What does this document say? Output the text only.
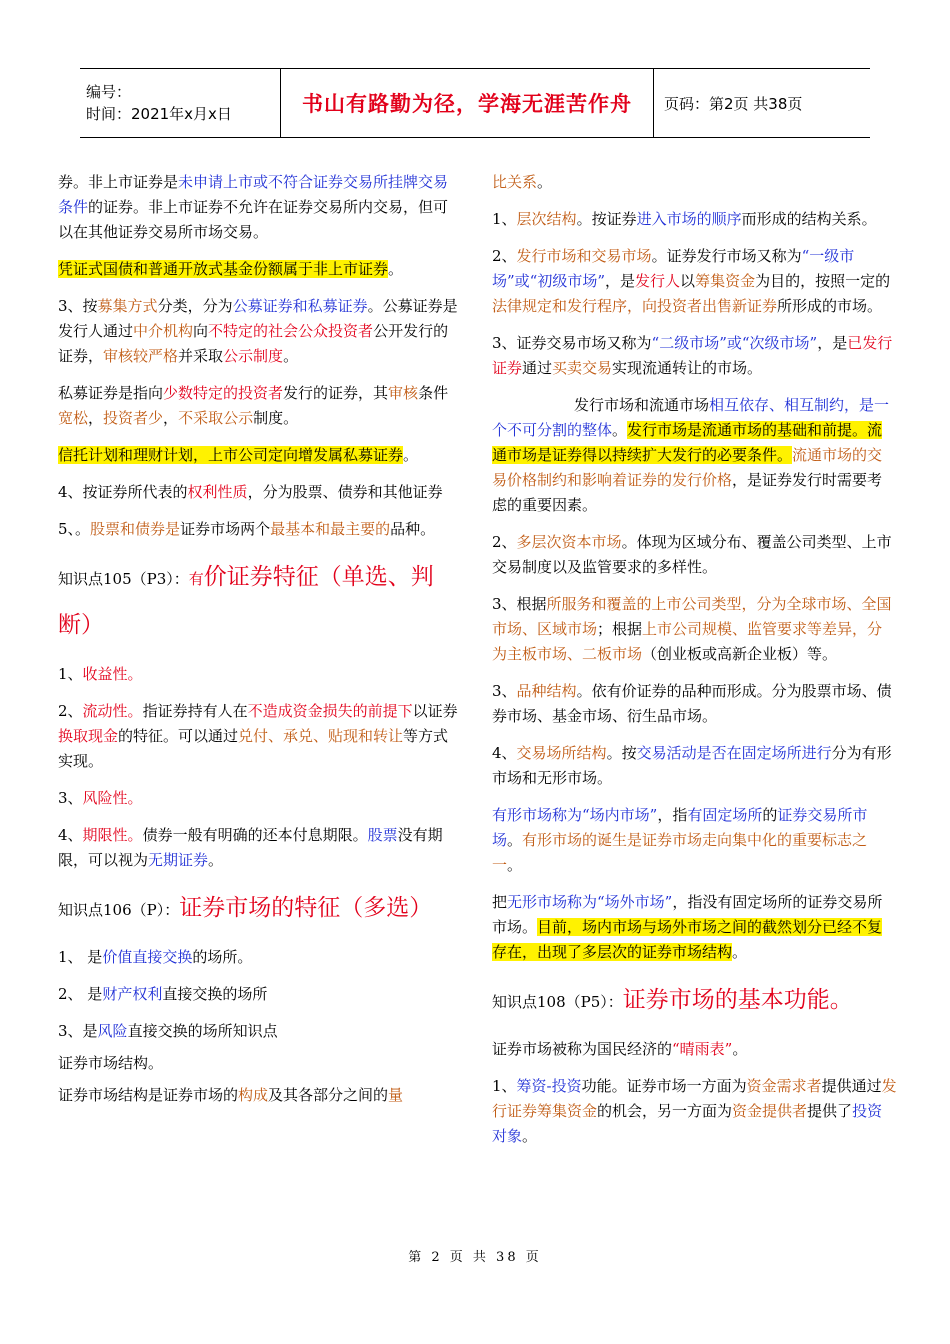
编号：
时间：2021年x月x日	书山有路勤为径，学海无涯苦作舟	页码：第2页 共38页
券。非上市证券是未申请上市或不符合证券交易所挂牌交易条件的证券。非上市证券不允许在证券交易所内交易，但可以在其他证券交易所市场交易。
凭证式国债和普通开放式基金份额属于非上市证券。
3、按募集方式分类，分为公募证券和私募证券。公募证券是发行人通过中介机构向不特定的社会公众投资者公开发行的证券，审核较严格并采取公示制度。
私募证券是指向少数特定的投资者发行的证券，其审核条件宽松，投资者少，不采取公示制度。
信托计划和理财计划，上市公司定向增发属私募证券。
4、按证券所代表的权利性质，分为股票、债券和其他证券
5、。股票和债券是证券市场两个最基本和最主要的品种。
知识点105（P3）：有价证券特征（单选、判断）
1、收益性。
2、流动性。指证券持有人在不造成资金损失的前提下以证券换取现金的特征。可以通过兑付、承兑、贴现和转让等方式实现。
3、风险性。
4、期限性。债券一般有明确的还本付息期限。股票没有期限，可以视为无期证券。
知识点106（P）：证券市场的特征（多选）
1、 是价值直接交换的场所。
2、 是财产权利直接交换的场所
3、是风险直接交换的场所知识点
证券市场结构。
证券市场结构是证券市场的构成及其各部分之间的量
比关系。
1、层次结构。按证券进入市场的顺序而形成的结构关系。
2、发行市场和交易市场。证券发行市场又称为“一级市场”或“初级市场”，是发行人以筹集资金为目的，按照一定的法律规定和发行程序，向投资者出售新证券所形成的市场。
3、证券交易市场又称为“二级市场”或“次级市场”，是已发行证券通过买卖交易实现流通转让的市场。
发行市场和流通市场相互依存、相互制约，是一个不可分割的整体。发行市场是流通市场的基础和前提。流通市场是证券得以持续扩大发行的必要条件。流通市场的交易价格制约和影响着证券的发行价格，是证券发行时需要考虑的重要因素。
2、多层次资本市场。体现为区域分布、覆盖公司类型、上市交易制度以及监管要求的多样性。
3、根据所服务和覆盖的上市公司类型，分为全球市场、全国市场、区域市场；根据上市公司规模、监管要求等差异，分为主板市场、二板市场（创业板或高新企业板）等。
3、品种结构。依有价证券的品种而形成。分为股票市场、债券市场、基金市场、衍生品市场。
4、交易场所结构。按交易活动是否在固定场所进行分为有形市场和无形市场。
有形市场称为“场内市场”，指有固定场所的证券交易所市场。有形市场的诞生是证券市场走向集中化的重要标志之一。
把无形市场称为“场外市场”，指没有固定场所的证券交易所市场。目前，场内市场与场外市场之间的截然划分已经不复存在，出现了多层次的证券市场结构。
知识点108（P5）：证券市场的基本功能。
证券市场被称为国民经济的“晴雨表”。
1、筹资-投资功能。证券市场一方面为资金需求者提供通过发行证券筹集资金的机会，另一方面为资金提供者提供了投资对象。
第 2 页 共 38 页
